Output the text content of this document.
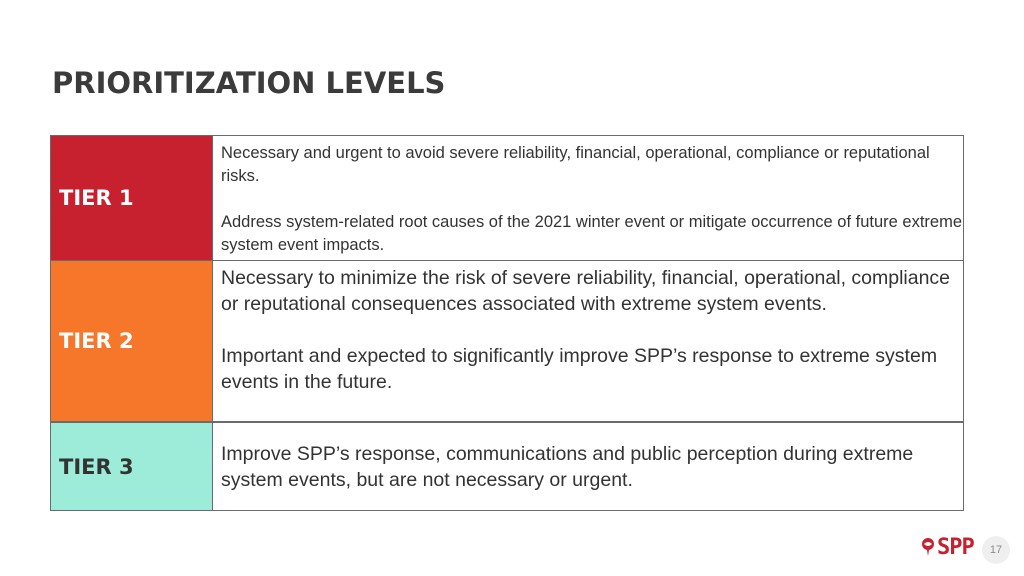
PRIORITIZATION LEVELS
TIER 1

Necessary and urgent to avoid severe reliability, financial, operational, compliance or reputational risks.

Address system-related root causes of the 2021 winter event or mitigate occurrence of future extreme system event impacts.

TIER 2

Necessary to minimize the risk of severe reliability, financial, operational, compliance or reputational consequences associated with extreme system events.

Important and expected to significantly improve SPP’s response to extreme system events in the future.

TIER 3

Improve SPP’s response, communications and public perception during extreme system events, but are not necessary or urgent.

SPP	17
